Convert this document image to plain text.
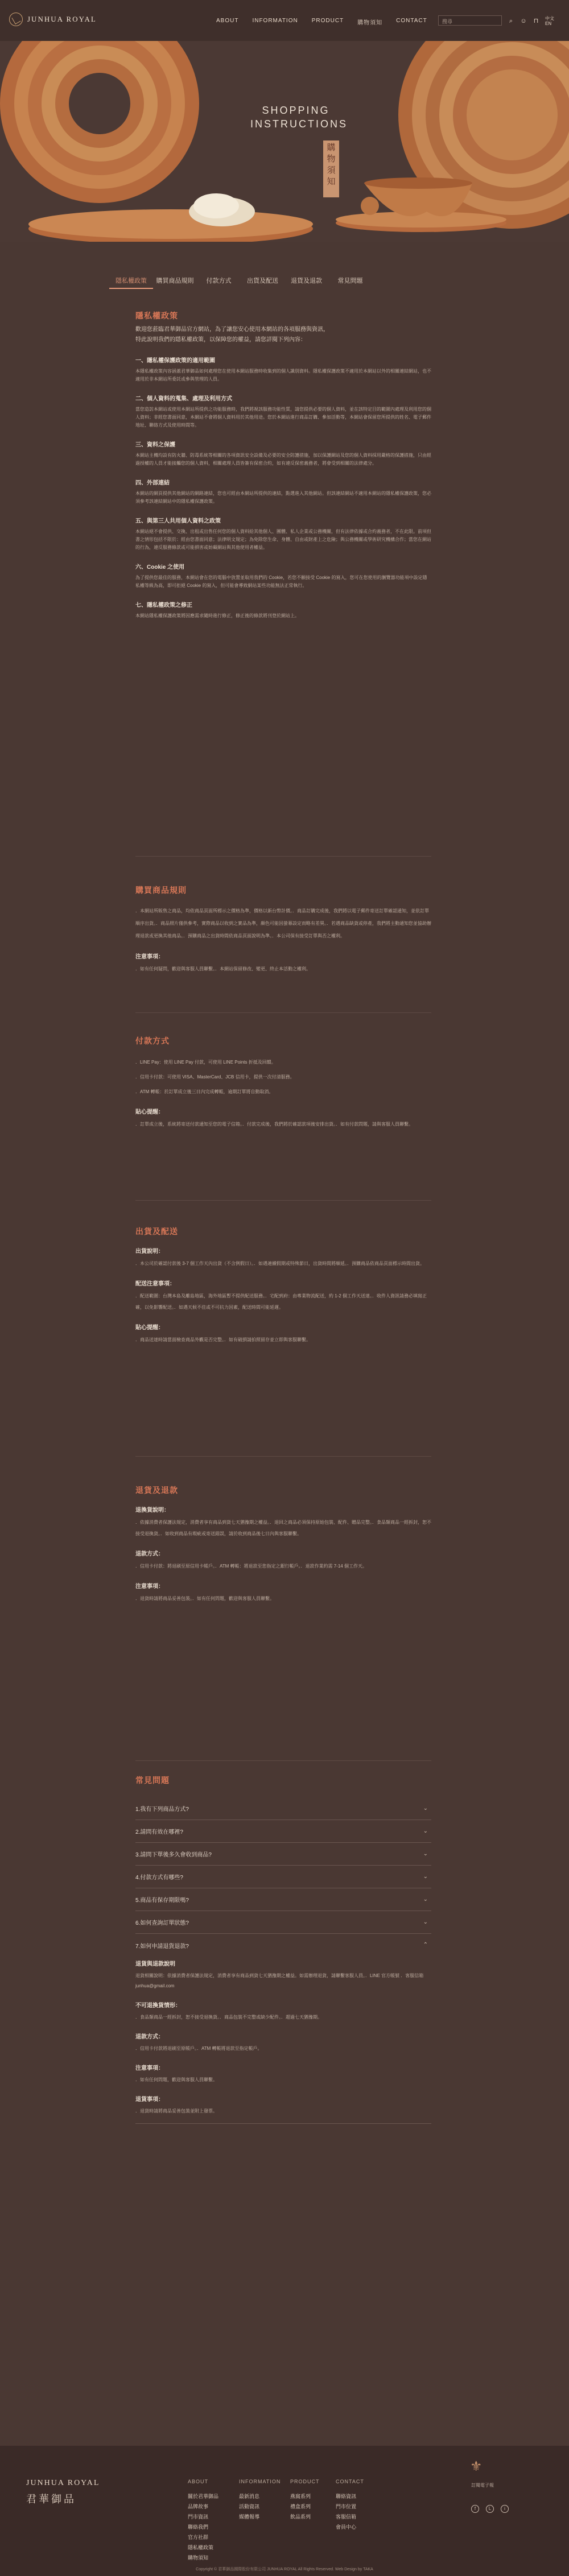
JUNHUA ROYAL	ABOUT INFORMATION PRODUCT 購物須知 CONTACT	搜尋	⌕ ☺ ⊓ 中文
EN
SHOPPING
INSTRUCTIONS
購物須知
隱私權政策	購買商品規則	付款方式	出貨及配送	退貨及退款	常見問題
隱私權政策
歡迎您蒞臨君華御品官方網站，為了讓您安心使用本網站的各項服務與資訊，
特此說明我們的隱私權政策，以保障您的權益，請您詳閱下列內容：
一、隱私權保護政策的適用範圍
本隱私權政策內容涵蓋君華御品如何處理您在使用本網站服務時收集到的個人識別資料。隱私權保護政策不適用於本網站以外的相關連結網站，也不適用於非本網站所委託或參與管理的人員。
二、個人資料的蒐集、處理及利用方式
當您造訪本網站或使用本網站所提供之功能服務時，我們將視該服務功能性質，請您提供必要的個人資料，並在該特定目的範圍內處理及利用您的個人資料；非經您書面同意，本網站不會將個人資料用於其他用途。您於本網站進行商品訂購、參加活動等，本網站會保留您所提供的姓名、電子郵件地址、聯絡方式及使用時間等。
三、資料之保護
本網站主機均設有防火牆、防毒系統等相關的各項資訊安全設備及必要的安全防護措施，加以保護網站及您的個人資料採用嚴格的保護措施，只由經過授權的人員才能接觸您的個人資料，相關處理人員皆簽有保密合約，如有違反保密義務者，將會受到相關的法律處分。
四、外部連結
本網站的網頁提供其他網站的網路連結，您也可經由本網站所提供的連結，點選進入其他網站。但該連結網站不適用本網站的隱私權保護政策，您必須參考該連結網站中的隱私權保護政策。
五、與第三人共用個人資料之政策
本網站絕不會提供、交換、出租或出售任何您的個人資料給其他個人、團體、私人企業或公務機關，但有法律依據或合約義務者，不在此限。前項但書之情形包括不限於：經由您書面同意；法律明文規定；為免除您生命、身體、自由或財產上之危險；與公務機關或學術研究機構合作；當您在網站的行為，違反服務條款或可能損害或妨礙網站與其他使用者權益。
六、Cookie 之使用
為了提供您最佳的服務，本網站會在您的電腦中放置並取用我們的 Cookie，若您不願接受 Cookie 的寫入，您可在您使用的瀏覽器功能項中設定隱私權等級為高，即可拒絕 Cookie 的寫入，但可能會導致網站某些功能無法正常執行。
七、隱私權政策之修正
本網站隱私權保護政策將因應需求隨時進行修正，修正後的條款將刊登於網站上。
購買商品規則
．本網站所販售之商品，均依商品頁面所標示之價格為準，價格以新台幣計價。．商品訂購完成後，我們將以電子郵件寄送訂單確認通知，並依訂單順序出貨。．商品照片僅供參考，實際商品以收到之實品為準，顏色可能因螢幕設定而略有差異。．若遇商品缺貨或停產，我們將主動通知您並協助辦理退款或更換其他商品。．預購商品之出貨時間依商品頁面說明為準。．本公司保有接受訂單與否之權利。
注意事項：
．如有任何疑問，歡迎與客服人員聯繫。．本網站保留修改、變更、終止本活動之權利。
付款方式
．LINE Pay：使用 LINE Pay 付款，可使用 LINE Points 折抵及回饋。
．信用卡付款：可使用 VISA、MasterCard、JCB 信用卡，提供一次付清服務。
．ATM 轉帳：於訂單成立後三日內完成轉帳，逾期訂單將自動取消。
貼心提醒：
．訂單成立後，系統將寄送付款通知至您的電子信箱。．付款完成後，我們將於確認款項後安排出貨。．如有付款問題，請與客服人員聯繫。
出貨及配送
出貨說明：
．本公司於確認付款後 3-7 個工作天內出貨（不含例假日）。．如遇連續假期或特殊節日，出貨時間將順延。．預購商品依商品頁面標示時間出貨。
配送注意事項：
．配送範圍：台灣本島及離島地區，海外地區暫不提供配送服務。．宅配到府：由專業物流配送，約 1-2 個工作天送達。．收件人資訊請務必填寫正確，以免影響配送。．如遇天候不佳或不可抗力因素，配送時間可能延遲。
貼心提醒：
．商品送達時請當面檢查商品外觀是否完整。．如有破損請拍照留存並立即與客服聯繫。
退貨及退款
退換貨說明：
．依據消費者保護法規定，消費者享有商品到貨七天猶豫期之權益。．退回之商品必須保持原始包裝、配件、贈品完整。．食品類商品一經拆封，恕不接受退換貨。．如收到商品有瑕疵或寄送錯誤，請於收到商品後七日內與客服聯繫。
退款方式：
．信用卡付款：將退刷至原信用卡帳戶。．ATM 轉帳：將退款至您指定之銀行帳戶。．退款作業約需 7-14 個工作天。
注意事項：
．退貨時請將商品妥善包裝。．如有任何問題，歡迎與客服人員聯繫。
常見問題
1.我有下列商品方式?	⌄
2.請問有效在哪裡?	⌄
3.請問下單後多久會收到商品?	⌄
4.付款方式有哪些?	⌄
5.商品有保存期限嗎?	⌄
6.如何查詢訂單狀態?	⌄
7.如何申請退貨退款?	⌃
退貨與退款說明
退貨相關說明：依據消費者保護法規定，消費者享有商品到貨七天猶豫期之權益。如需辦理退貨，請聯繫客服人員。．LINE 官方帳號 ．客服信箱 junhua@gmail.com
不可退換貨情形：
．食品類商品一經拆封，恕不接受退換貨。．商品包裝不完整或缺少配件。．超過七天猶豫期。
退款方式：
．信用卡付款將退刷至原帳戶。．ATM 轉帳將退款至指定帳戶。
注意事項：
．如有任何問題，歡迎與客服人員聯繫。
退貨事項：
．退貨時請將商品妥善包裝並附上發票。
JUNHUA ROYAL
君華御品
ABOUT
關於君華御品
品牌故事
門市資訊
聯絡我們
官方社群
隱私權政策
購物須知
INFORMATION
最新消息
活動資訊
媒體報導
PRODUCT
燕窩系列
禮盒系列
飲品系列
CONTACT
聯絡資訊
門市位置
客服信箱
會員中心
⚜
訂閱電子報
f	L	i
Copyright © 君華御品國際股份有限公司 JUNHUA ROYAL All Rights Reserved. Web Design by TAKA
